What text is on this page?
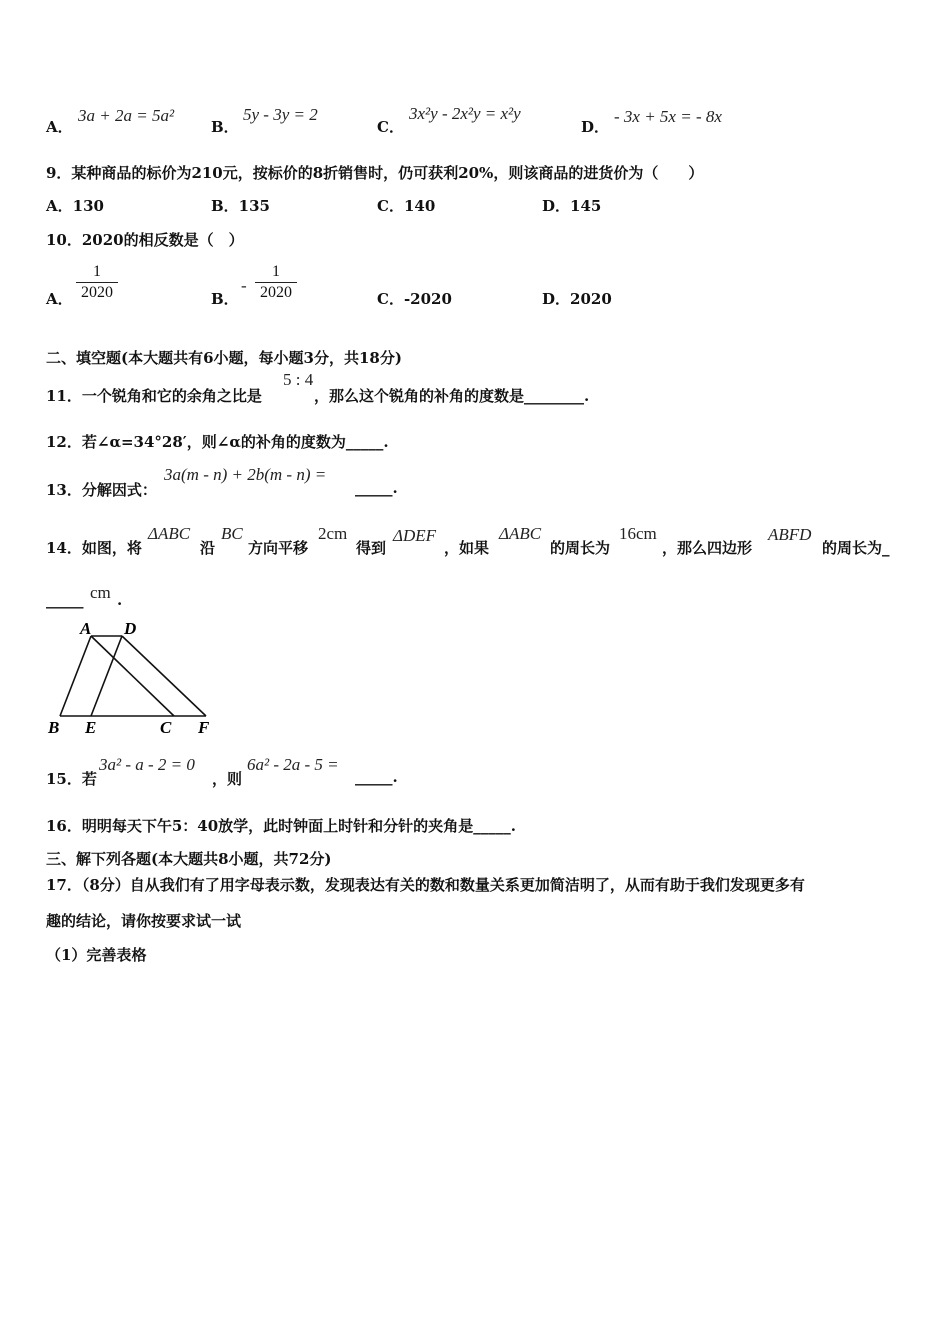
A．
3a + 2a = 5a²
B．
5y - 3y = 2
C．
3x²y - 2x²y = x²y
D．
- 3x + 5x = - 8x
9．某种商品的标价为210元，按标价的8折销售时，仍可获利20%，则该商品的进货价为（　　）
A．130	B．135	C．140	D．145
10．2020的相反数是（　）
A．
1
2020	B．
-
1
2020	C．-2020	D．2020
二、填空题(本大题共有6小题，每小题3分，共18分)
11．一个锐角和它的余角之比是
5 : 4
，那么这个锐角的补角的度数是________.
12．若∠α=34°28′，则∠α的补角的度数为_____.
13．分解因式：
3a(m - n) + 2b(m - n) =
_____.
14．如图，将
ΔABC
沿
BC
方向平移
2cm
得到
ΔDEF
，如果
ΔABC
的周长为
16cm
，那么四边形
ABFD
的周长为_
_____ cm .
A D
B E	C F
15．若
3a² - a - 2 = 0
，则
6a² - 2a - 5 =
_____.
16．明明每天下午5：40放学，此时钟面上时针和分针的夹角是_____.
三、解下列各题(本大题共8小题，共72分)
17．（8分）自从我们有了用字母表示数，发现表达有关的数和数量关系更加简洁明了，从而有助于我们发现更多有
趣的结论，请你按要求试一试
（1）完善表格
